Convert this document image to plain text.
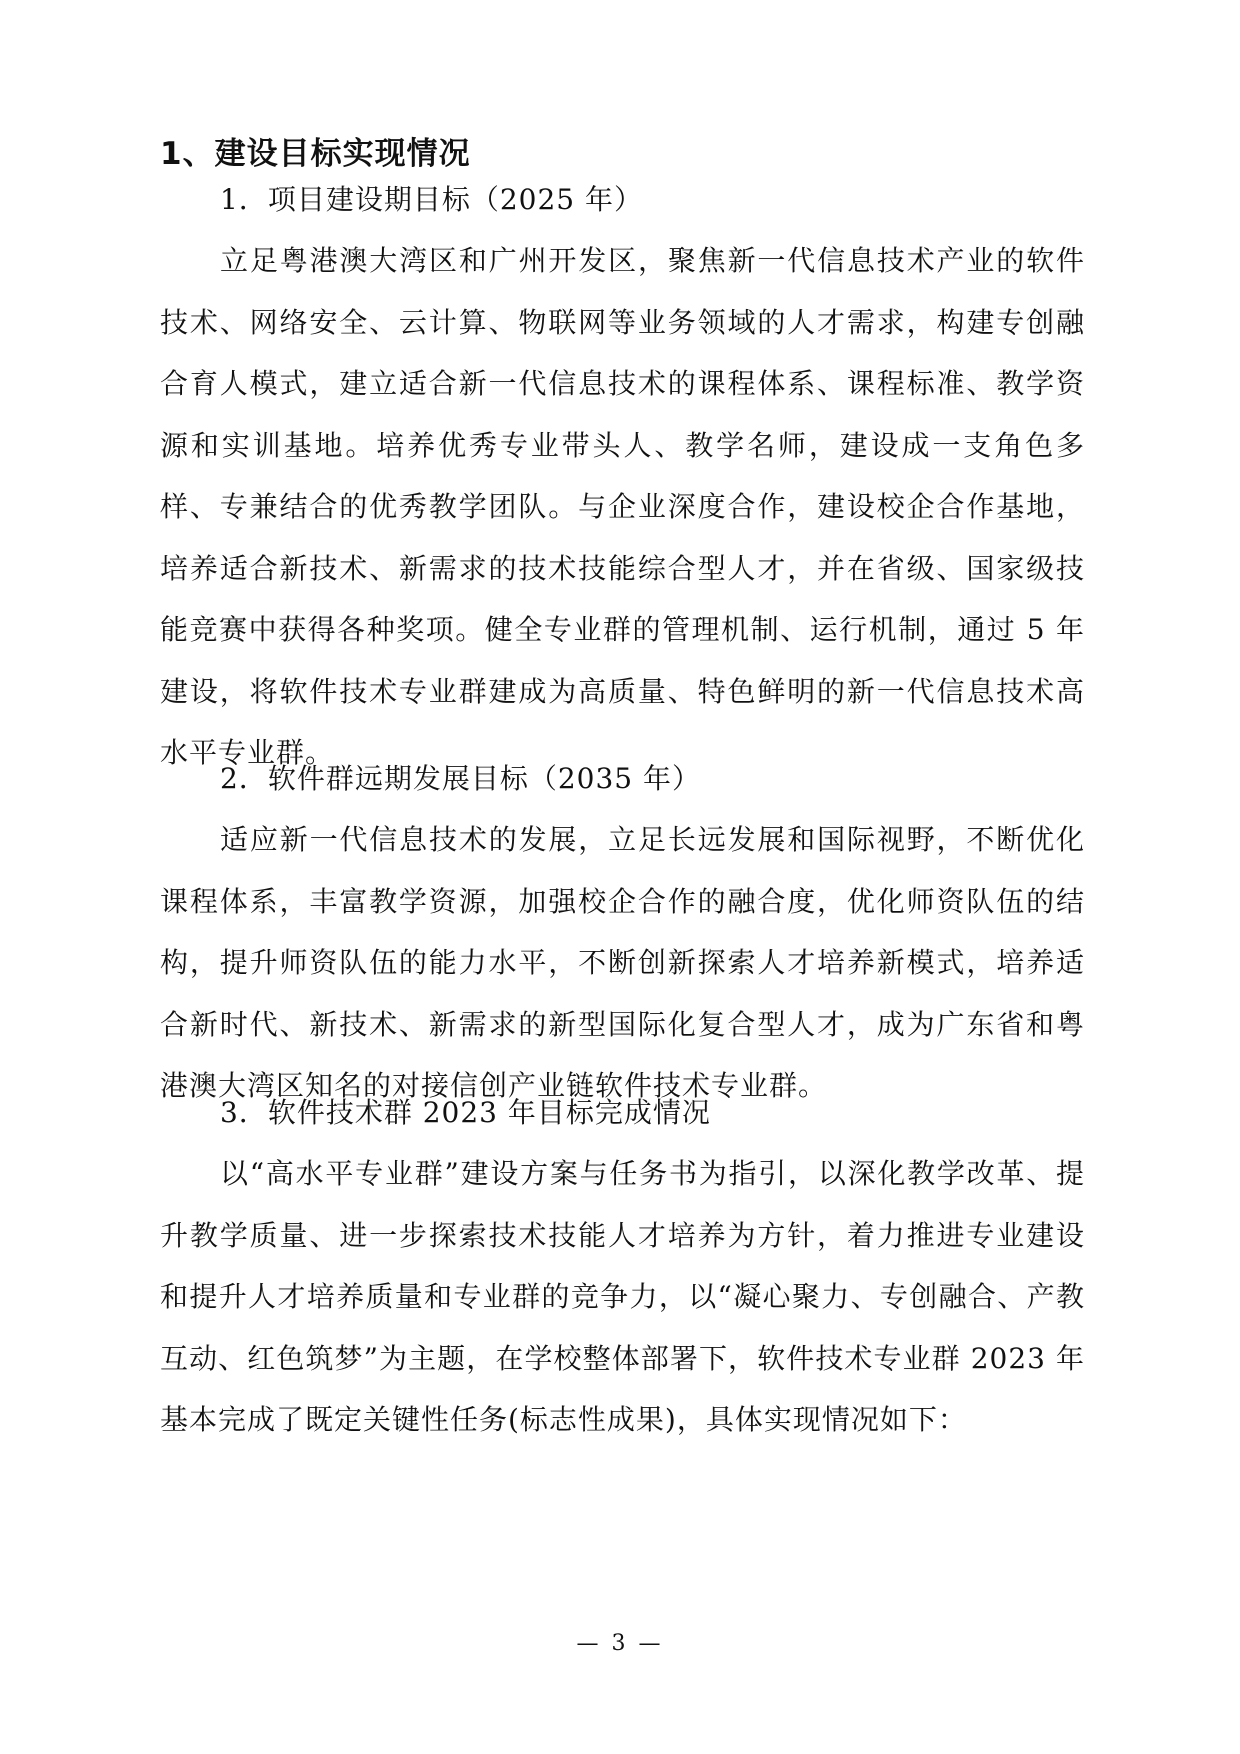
1、建设目标实现情况
1．项目建设期目标（2025 年）
立足粤港澳大湾区和广州开发区，聚焦新一代信息技术产业的软件技术、网络安全、云计算、物联网等业务领域的人才需求，构建专创融合育人模式，建立适合新一代信息技术的课程体系、课程标准、教学资源和实训基地。培养优秀专业带头人、教学名师，建设成一支角色多样、专兼结合的优秀教学团队。与企业深度合作，建设校企合作基地，培养适合新技术、新需求的技术技能综合型人才，并在省级、国家级技能竞赛中获得各种奖项。健全专业群的管理机制、运行机制，通过 5 年建设，将软件技术专业群建成为高质量、特色鲜明的新一代信息技术高水平专业群。
2．软件群远期发展目标（2035 年）
适应新一代信息技术的发展，立足长远发展和国际视野，不断优化课程体系，丰富教学资源，加强校企合作的融合度，优化师资队伍的结构，提升师资队伍的能力水平，不断创新探索人才培养新模式，培养适合新时代、新技术、新需求的新型国际化复合型人才，成为广东省和粤港澳大湾区知名的对接信创产业链软件技术专业群。
3．软件技术群 2023 年目标完成情况
以“高水平专业群”建设方案与任务书为指引，以深化教学改革、提升教学质量、进一步探索技术技能人才培养为方针，着力推进专业建设和提升人才培养质量和专业群的竞争力，以“凝心聚力、专创融合、产教互动、红色筑梦”为主题，在学校整体部署下，软件技术专业群 2023 年基本完成了既定关键性任务(标志性成果)，具体实现情况如下：
— 3 —
